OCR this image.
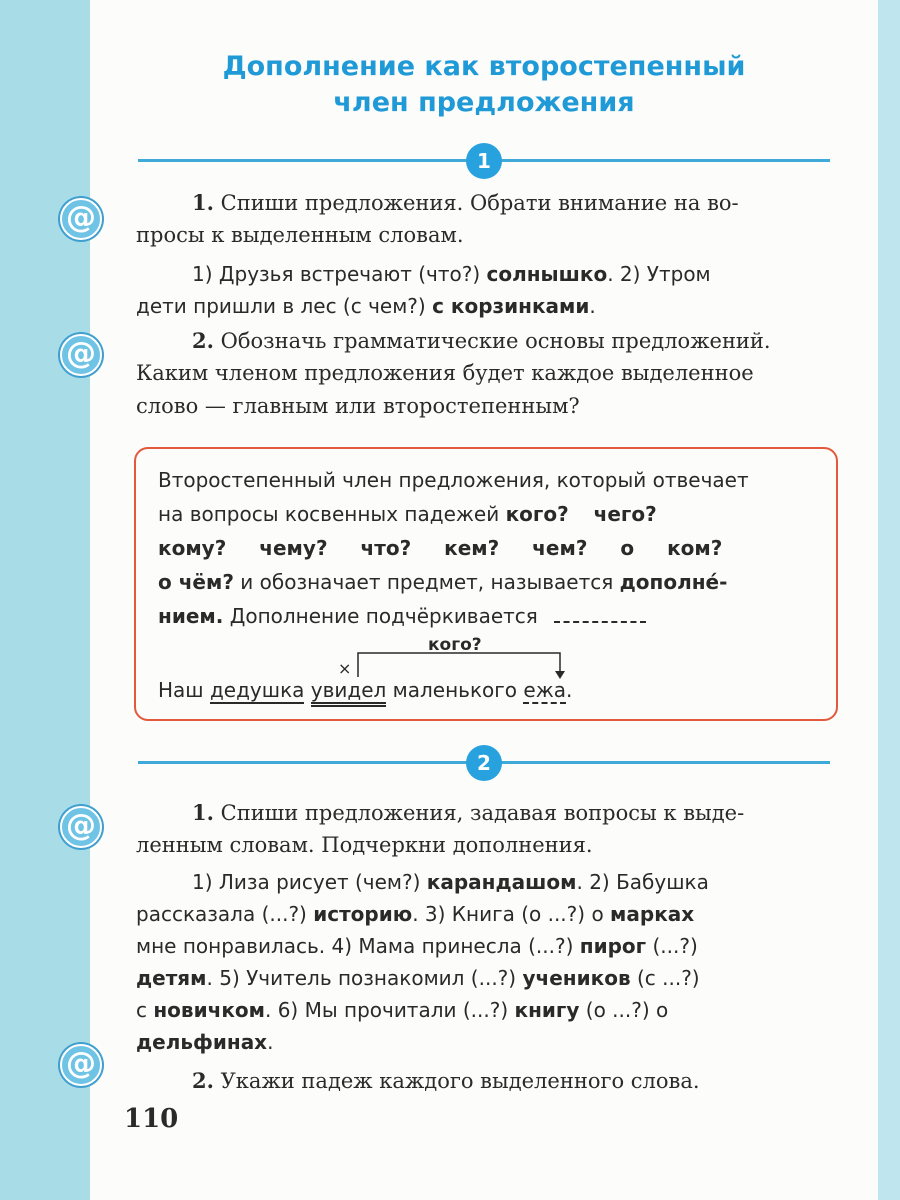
Дополнение как второстепенный
член предложения
1
@	1. Спиши предложения. Обрати внимание на во-
просы к выделенным словам.
1) Друзья встречают (что?) солнышко. 2) Утром
дети пришли в лес (с чем?) с корзинками.
@	2. Обозначь грамматические основы предложений.
Каким членом предложения будет каждое выделенное
слово — главным или второстепенным?
Второстепенный член предложения, который отвечает
на вопросы косвенных падежей кого? чего?
кому? чему? что? кем? чем? о ком?
о чём? и обозначает предмет, называется дополне́-
нием. Дополнение подчёркивается
кого?
×
Наш дедушка увидел маленького ежа.
2
@	1. Спиши предложения, задавая вопросы к выде-
ленным словам. Подчеркни дополнения.
1) Лиза рисует (чем?) карандашом. 2) Бабушка
рассказала (...?) историю. 3) Книга (о ...?) о марках
мне понравилась. 4) Мама принесла (...?) пирог (...?)
детям. 5) Учитель познакомил (...?) учеников (с ...?)
с новичком. 6) Мы прочитали (...?) книгу (о ...?) о
дельфинах.
@	2. Укажи падеж каждого выделенного слова.
110
